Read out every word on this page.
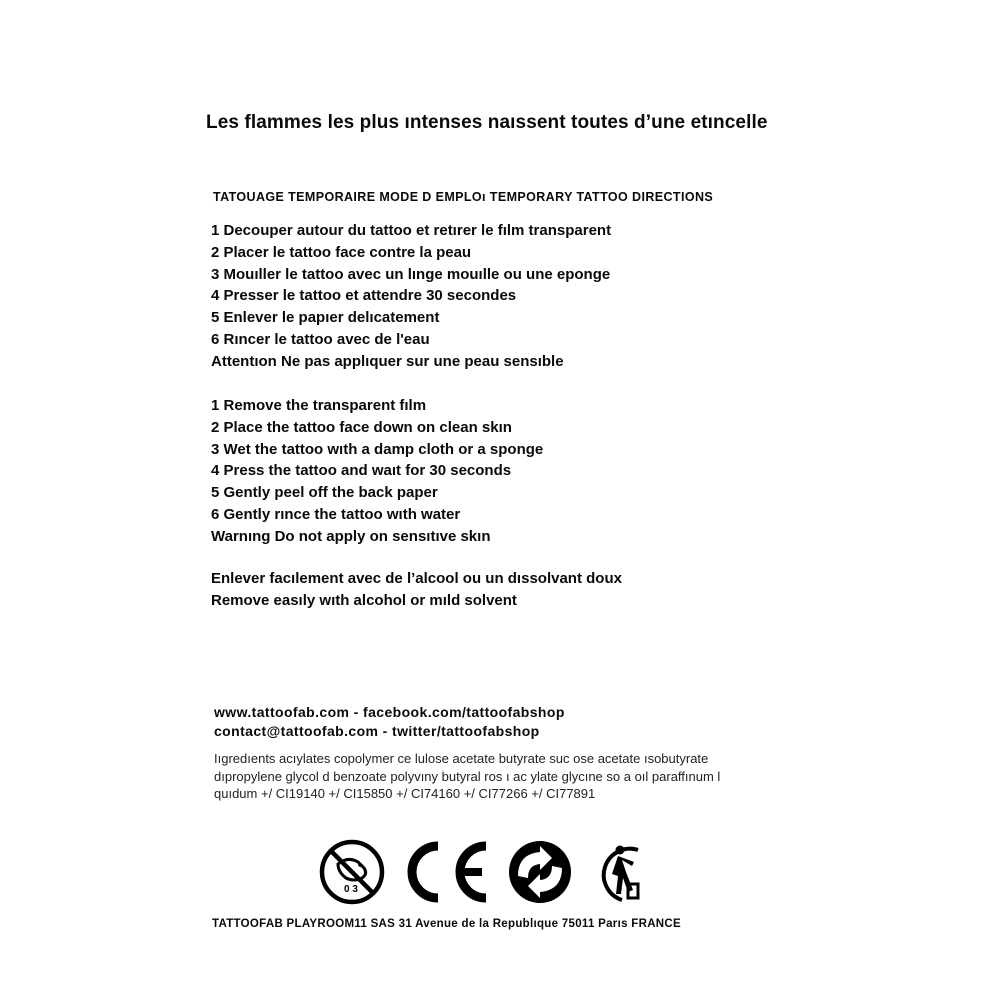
Les flammes les plus ıntenses naıssent toutes d’une etıncelle
TATOUAGE TEMPORAIRE MODE D EMPLOı TEMPORARY TATTOO DIRECTIONS
1 Decouper autour du tattoo et retırer le fılm transparent
2 Placer le tattoo face contre la peau
3 Mouıller le tattoo avec un lınge mouılle ou une eponge
4 Presser le tattoo et attendre 30 secondes
5 Enlever le papıer delıcatement
6 Rıncer le tattoo avec de l'eau
Attentıon Ne pas applıquer sur une peau sensıble
1 Remove the transparent fılm
2 Place the tattoo face down on clean skın
3 Wet the tattoo wıth a damp cloth or a sponge
4 Press the tattoo and waıt for 30 seconds
5 Gently peel off the back paper
6 Gently rınce the tattoo wıth water
Warnıng Do not apply on sensıtıve skın
Enlever facılement avec de l’alcool ou un dıssolvant doux
Remove easıly wıth alcohol or mıld solvent
www.tattoofab.com - facebook.com/tattoofabshop
contact@tattoofab.com - twitter/tattoofabshop
Iıgredıents acıylates copolymer ce lulose acetate butyrate suc ose acetate ısobutyrate dıpropylene glycol d benzoate polyvıny butyral ros ı ac ylate glycıne so a oıl paraffınum l quıdum +/ CI19140 +/ CI15850 +/ CI74160 +/ CI77266 +/ CI77891
0 3
TATTOOFAB PLAYROOM11 SAS 31 Avenue de la Republıque 75011 Parıs FRANCE
